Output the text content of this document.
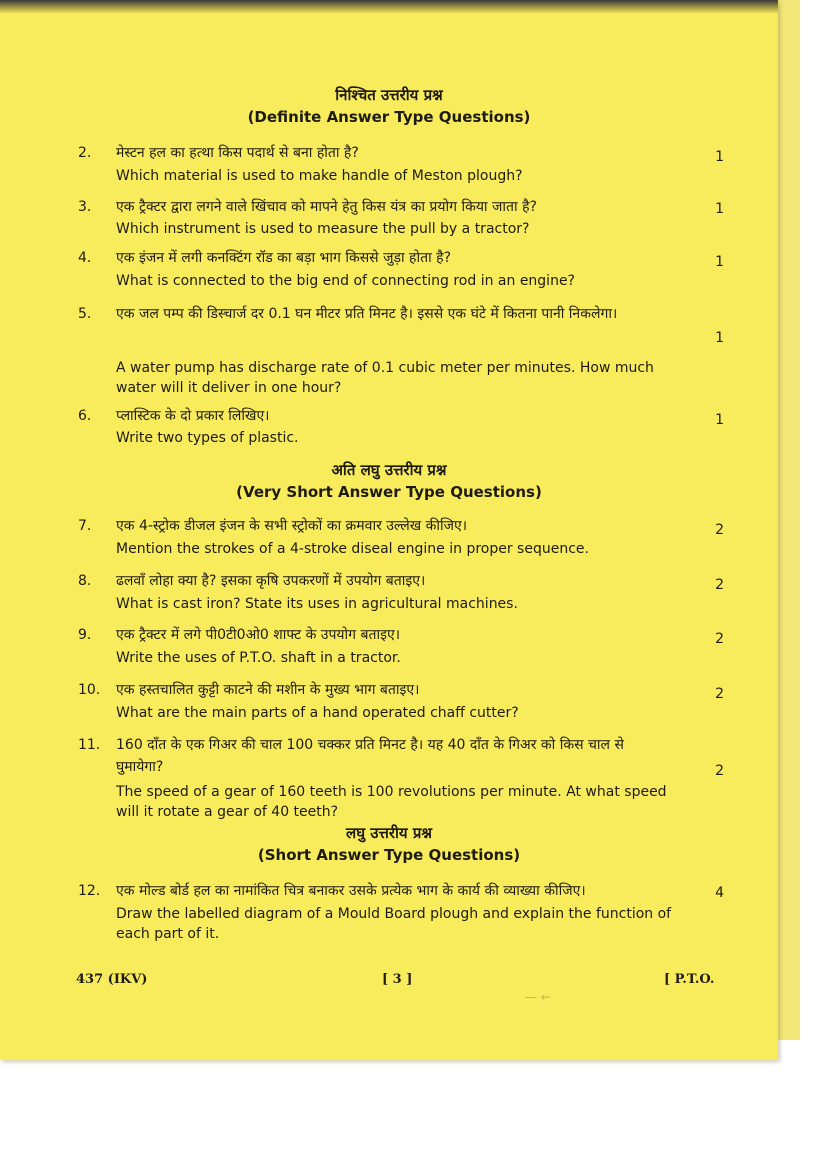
निश्चित उत्तरीय प्रश्न
(Definite Answer Type Questions)
2.	मेस्टन हल का हत्था किस पदार्थ से बना होता है?	1
Which material is used to make handle of Meston plough?
3.	एक ट्रैक्टर द्वारा लगने वाले खिंचाव को मापने हेतु किस यंत्र का प्रयोग किया जाता है?	1
Which instrument is used to measure the pull by a tractor?
4.	एक इंजन में लगी कनक्टिंग रॉड का बड़ा भाग किससे जुड़ा होता है?	1
What is connected to the big end of connecting rod in an engine?
5.	एक जल पम्प की डिस्चार्ज दर 0.1 घन मीटर प्रति मिनट है। इससे एक घंटे में कितना पानी निकलेगा।
1
A water pump has discharge rate of 0.1 cubic meter per minutes. How much
water will it deliver in one hour?
6.	प्लास्टिक के दो प्रकार लिखिए।	1
Write two types of plastic.
अति लघु उत्तरीय प्रश्न
(Very Short Answer Type Questions)
7.	एक 4-स्ट्रोक डीजल इंजन के सभी स्ट्रोकों का क्रमवार उल्लेख कीजिए।	2
Mention the strokes of a 4-stroke diseal engine in proper sequence.
8.	ढलवाँ लोहा क्या है? इसका कृषि उपकरणों में उपयोग बताइए।	2
What is cast iron? State its uses in agricultural machines.
9.	एक ट्रैक्टर में लगे पी0टी0ओ0 शाफ्ट के उपयोग बताइए।	2
Write the uses of P.T.O. shaft in a tractor.
10.	एक हस्तचालित कुट्टी काटने की मशीन के मुख्य भाग बताइए।	2
What are the main parts of a hand operated chaff cutter?
11.	160 दाँत के एक गिअर की चाल 100 चक्कर प्रति मिनट है। यह 40 दाँत के गिअर को किस चाल से
घुमायेगा?	2
The speed of a gear of 160 teeth is 100 revolutions per minute. At what speed
will it rotate a gear of 40 teeth?
लघु उत्तरीय प्रश्न
(Short Answer Type Questions)
12.	एक मोल्ड बोर्ड हल का नामांकित चित्र बनाकर उसके प्रत्येक भाग के कार्य की व्याख्या कीजिए।	4
Draw the labelled diagram of a Mould Board plough and explain the function of
each part of it.
437 (IKV)	[ 3 ]	[ P.T.O.
— ←
